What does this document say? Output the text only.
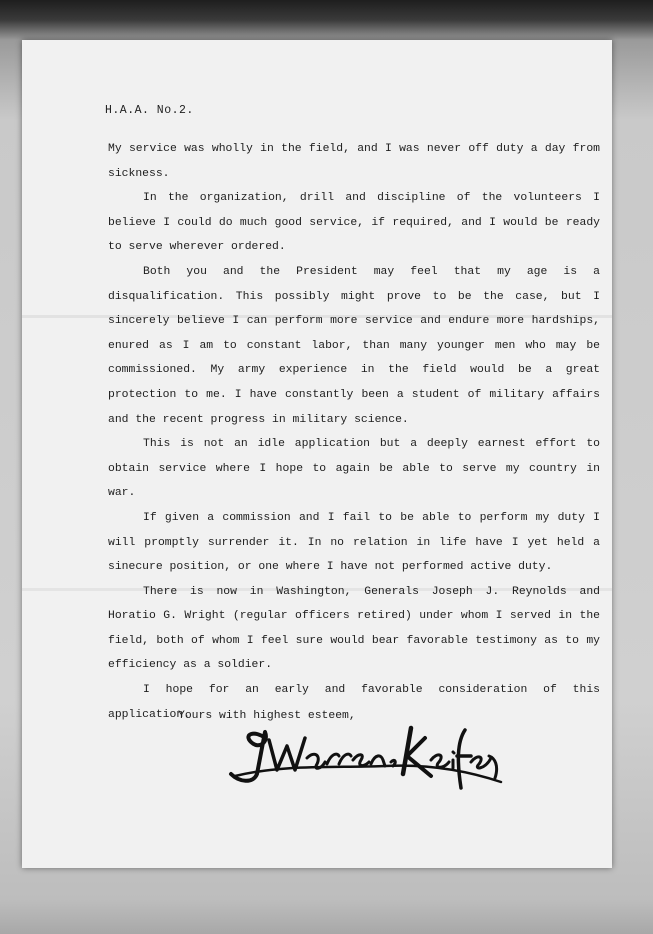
H.A.A. No.2.

My service was wholly in the field, and I was never off duty a day from sickness.

In the organization, drill and discipline of the volunteers I believe I could do much good service, if required, and I would be ready to serve wherever ordered.

Both you and the President may feel that my age is a disqualification. This possibly might prove to be the case, but I sincerely believe I can perform more service and endure more hardships, enured as I am to constant labor, than many younger men who may be commissioned. My army experience in the field would be a great protection to me. I have constantly been a student of military affairs and the recent progress in military science.

This is not an idle application but a deeply earnest effort to obtain service where I hope to again be able to serve my country in war.

If given a commission and I fail to be able to perform my duty I will promptly surrender it. In no relation in life have I yet held a sinecure position, or one where I have not performed active duty.

There is now in Washington, Generals Joseph J. Reynolds and Horatio G. Wright (regular officers retired) under whom I served in the field, both of whom I feel sure would bear favorable testimony as to my efficiency as a soldier.

I hope for an early and favorable consideration of this application.

Yours with highest esteem,
